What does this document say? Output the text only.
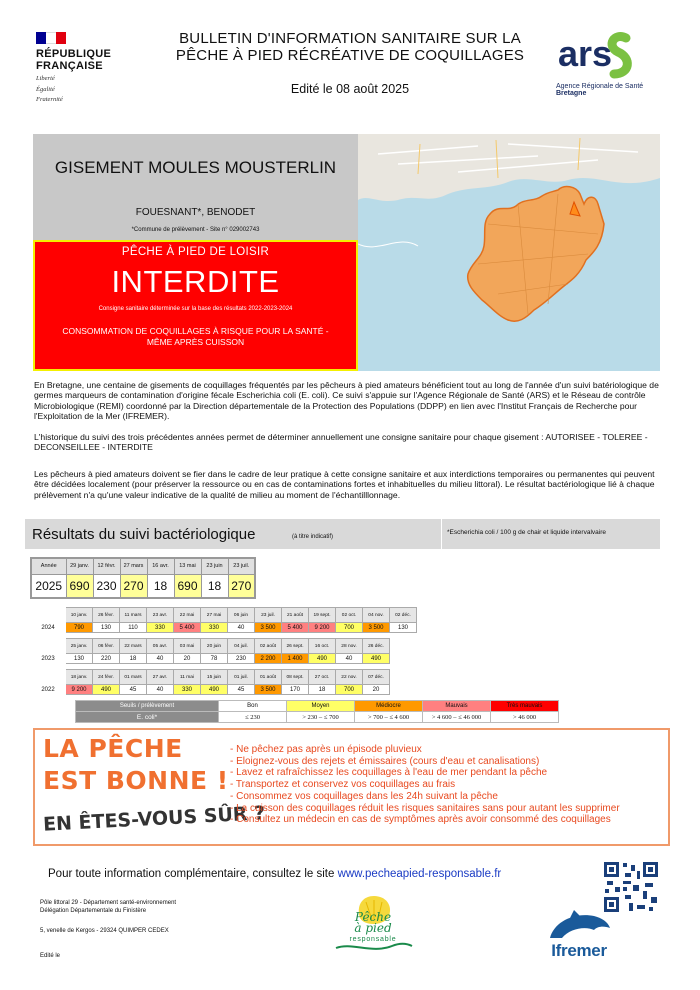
RÉPUBLIQUE
FRANÇAISE
Liberté
Égalité
Fraternité
BULLETIN D'INFORMATION SANITAIRE SUR LA
PÊCHE À PIED RÉCRÉATIVE DE COQUILLAGES
Edité le 08 août 2025
ars
Agence Régionale de Santé
Bretagne
GISEMENT MOULES MOUSTERLIN
FOUESNANT*, BENODET
*Commune de prélèvement - Site n° 029002743
PÊCHE À PIED DE LOISIR
INTERDITE
Consigne sanitaire déterminée sur la base des résultats 2022-2023-2024
CONSOMMATION DE COQUILLAGES À RISQUE POUR LA SANTÉ - MÊME APRÈS CUISSON
En Bretagne, une centaine de gisements de coquillages fréquentés par les pêcheurs à pied amateurs bénéficient tout au long de l'année d'un suivi batériologique de germes marqueurs de contamination d'origine fécale Escherichia coli (E. coli). Ce suivi s'appuie sur l'Agence Régionale de Santé (ARS) et le Réseau de contrôle Microbiologique (REMI) coordonné par la Direction départementale de la Protection des Populations (DDPP) en lien avec l'Institut Français de Recherche pour l'Exploitation de la Mer (IFREMER).
L'historique du suivi des trois précédentes années permet de déterminer annuellement une consigne sanitaire pour chaque gisement : AUTORISEE - TOLEREE - DECONSEILLEE - INTERDITE
Les pêcheurs à pied amateurs doivent se fier dans le cadre de leur pratique à cette consigne sanitaire et aux interdictions temporaires ou permanentes qui peuvent être décidées localement (pour préserver la ressource ou en cas de contaminations fortes et inhabituelles du milieu littoral). Le résultat bactériologique lié à chaque prélèvement n'a qu'une valeur indicative de la qualité de milieu au moment de l'échantilllonnage.
Résultats du suivi bactériologique	(à titre indicatif)
*Escherichia coli / 100 g de chair et liquide intervalvaire
Année	29 janv.	12 févr.	27 mars	16 avr.	13 mai	23 juin	23 juil.
2025	690	230	270	18	690	18	270
	10 janv.	26 févr.	11 mars	23 avr.	22 mai	27 mai	06 juin	23 juil.	21 août	19 sept.	02 oct.	04 nov.	02 déc.
2024	790	130	110	330	5 400	330	40	3 500	5 400	9 200	700	3 500	130
	25 janv.	06 févr.	22 mars	05 avr.	03 mai	20 juin	04 juil.	02 août	26 sept.	16 oct.	28 nov.	26 déc.
2023	130	220	18	40	20	78	230	2 200	1 400	490	40	490
	18 janv.	24 févr.	01 mars	27 avr.	11 mai	15 juin	01 juil.	01 août	08 sept.	27 oct.	22 nov.	07 déc.
2022	9 200	490	45	40	330	490	45	3 500	170	18	700	20
Seuils / prélèvement	Bon	Moyen	Médiocre	Mauvais	Très mauvais
E. coli*	≤ 230	> 230 – ≤ 700	> 700 – ≤ 4 600	> 4 600 – ≤ 46 000	> 46 000
LA PÊCHE
EST BONNE !
EN ÊTES-VOUS SÛR ?
- Ne pêchez pas après un épisode pluvieux
- Eloignez-vous des rejets et émissaires (cours d'eau et canalisations)
- Lavez et rafraîchissez les coquillages à l'eau de mer pendant la pêche
- Transportez et conservez vos coquillages au frais
- Consommez vos coquillages dans les 24h suivant la pêche
- La cuisson des coquillages réduit les risques sanitaires sans pour autant les supprimer
- Consultez un médecin en cas de symptômes après avoir consommé des coquillages
Pour toute information complémentaire, consultez le site www.pecheapied-responsable.fr
Pôle littoral 29 - Département santé-environnement
Délégation Départementale du Finistère
5, venelle de Kergos - 29324 QUIMPER CEDEX
Edité le
Pêche
à pied
responsable
Ifremer
